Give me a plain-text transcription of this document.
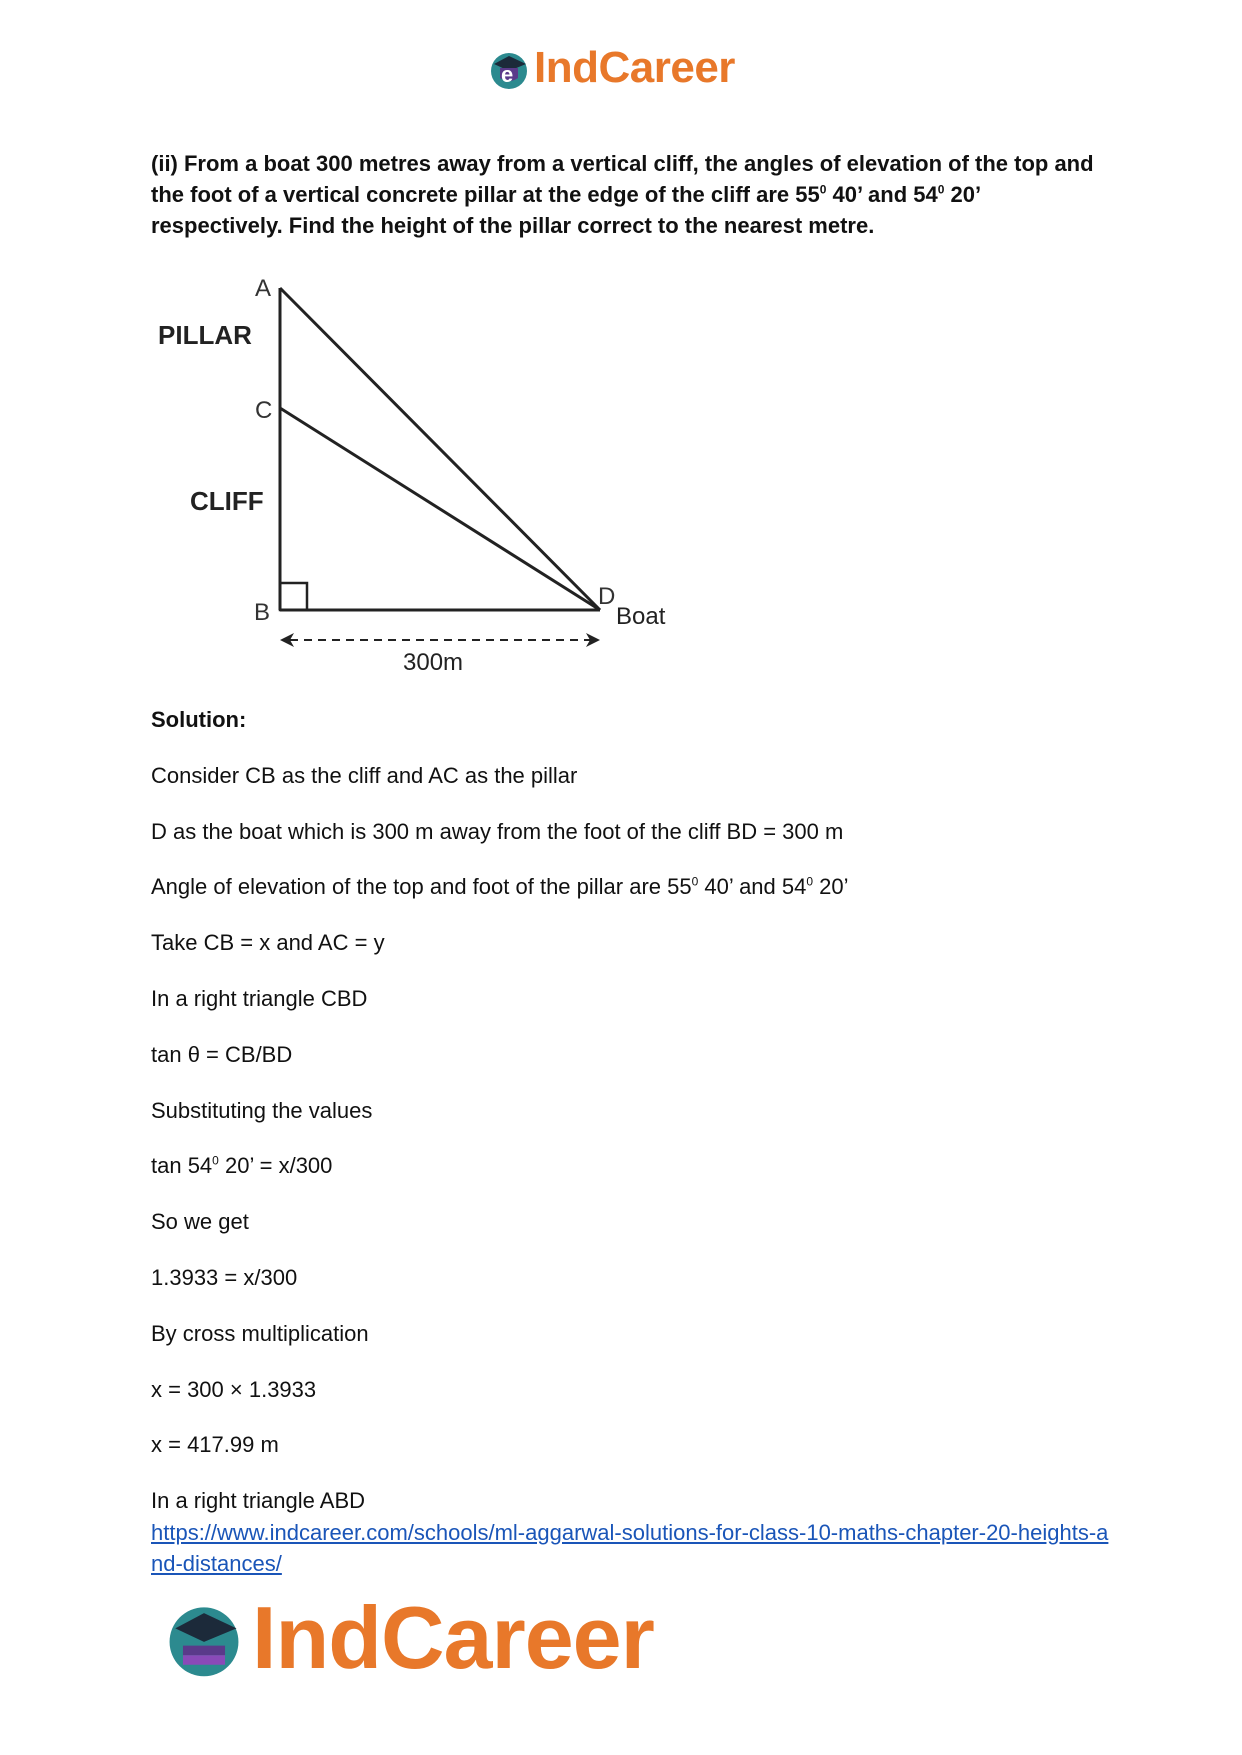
e IndCareer
(ii) From a boat 300 metres away from a vertical cliff, the angles of elevation of the top and the foot of a vertical concrete pillar at the edge of the cliff are $55^0$ 40’ and $54^0$ 20’ respectively. Find the height of the pillar correct to the nearest metre.
A
C
B
D
Boat
PILLAR
CLIFF
300m
Solution:
Consider CB as the cliff and AC as the pillar
D as the boat which is 300 m away from the foot of the cliff BD = 300 m
Angle of elevation of the top and foot of the pillar are $55^0$ 40’ and $54^0$ 20’
Take CB = x and AC = y
In a right triangle CBD
tan θ = CB/BD
Substituting the values
$\tan 54^0$ 20’ = x/300
So we get
1.3933 = x/300
By cross multiplication
x = 300 × 1.3933
x = 417.99 m
In a right triangle ABD
https://www.indcareer.com/schools/ml-aggarwal-solutions-for-class-10-maths-chapter-20-heights-and-distances/
IndCareer
